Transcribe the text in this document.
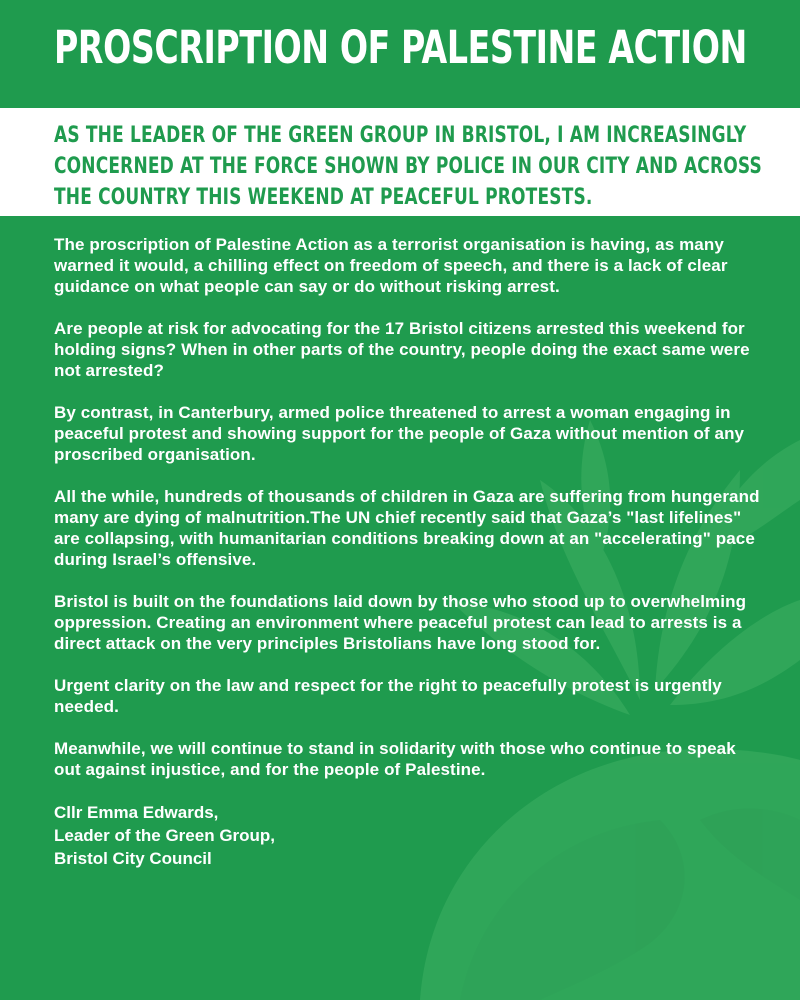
PROSCRIPTION OF PALESTINE ACTION

AS THE LEADER OF THE GREEN GROUP IN BRISTOL, I AM INCREASINGLY CONCERNED AT THE FORCE SHOWN BY POLICE IN OUR CITY AND ACROSS THE COUNTRY THIS WEEKEND AT PEACEFUL PROTESTS.

The proscription of Palestine Action as a terrorist organisation is having, as many warned it would, a chilling effect on freedom of speech, and there is a lack of clear guidance on what people can say or do without risking arrest.

Are people at risk for advocating for the 17 Bristol citizens arrested this weekend for holding signs? When in other parts of the country, people doing the exact same were not arrested?

By contrast, in Canterbury, armed police threatened to arrest a woman engaging in peaceful protest and showing support for the people of Gaza without mention of any proscribed organisation.

All the while, hundreds of thousands of children in Gaza are suffering from hungerand many are dying of malnutrition.The UN chief recently said that Gaza’s "last lifelines" are collapsing, with humanitarian conditions breaking down at an "accelerating" pace during Israel’s offensive.

Bristol is built on the foundations laid down by those who stood up to overwhelming oppression. Creating an environment where peaceful protest can lead to arrests is a direct attack on the very principles Bristolians have long stood for.

Urgent clarity on the law and respect for the right to peacefully protest is urgently needed.

Meanwhile, we will continue to stand in solidarity with those who continue to speak out against injustice, and for the people of Palestine.

Cllr Emma Edwards,
Leader of the Green Group,
Bristol City Council
